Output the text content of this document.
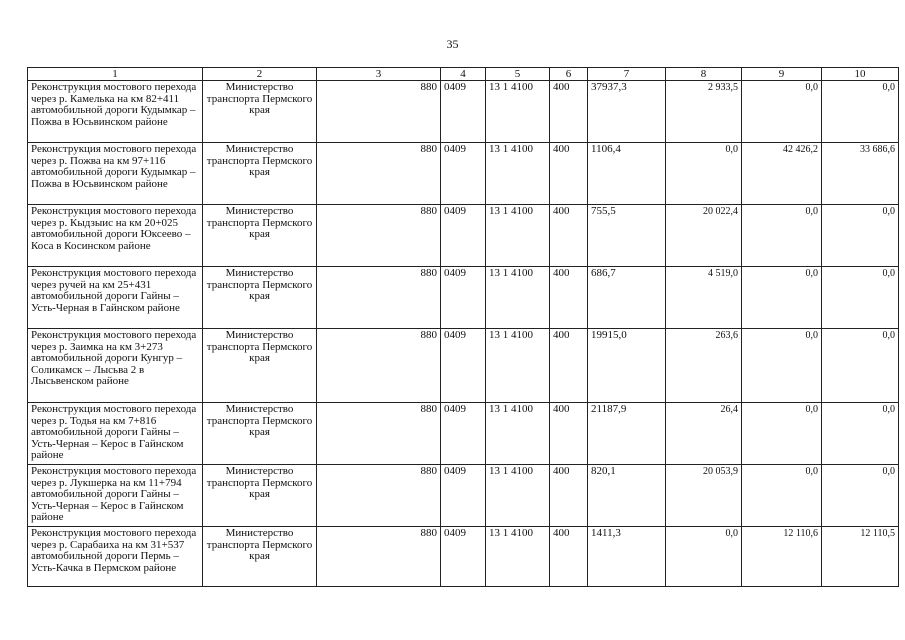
35
1	2	3	4	5	6	7	8	9	10
Реконструкция мостового перехода через р. Камелька на км 82+411 автомобильной дороги Кудымкар – Пожва в Юсьвинском районе	Министерство транспорта Пермского края	880	0409	13 1 4100	400	37937,3	2 933,5	0,0	0,0
Реконструкция мостового перехода через р. Пожва на км 97+116 автомобильной дороги Кудымкар – Пожва в Юсьвинском районе	Министерство транспорта Пермского края	880	0409	13 1 4100	400	1106,4	0,0	42 426,2	33 686,6
Реконструкция мостового перехода через р. Кыдзыис на км 20+025 автомобильной дороги Юксеево – Коса в Косинском районе	Министерство транспорта Пермского края	880	0409	13 1 4100	400	755,5	20 022,4	0,0	0,0
Реконструкция мостового перехода через ручей на км 25+431 автомобильной дороги Гайны – Усть-Черная в Гайнском районе	Министерство транспорта Пермского края	880	0409	13 1 4100	400	686,7	4 519,0	0,0	0,0
Реконструкция мостового перехода через р. Заимка на км 3+273 автомобильной дороги Кунгур – Соликамск – Лысьва 2 в Лысьвенском районе	Министерство транспорта Пермского края	880	0409	13 1 4100	400	19915,0	263,6	0,0	0,0
Реконструкция мостового перехода через р. Тодья на км 7+816 автомобильной дороги Гайны – Усть-Черная – Керос в Гайнском районе	Министерство транспорта Пермского края	880	0409	13 1 4100	400	21187,9	26,4	0,0	0,0
Реконструкция мостового перехода через р. Лукшерка на км 11+794 автомобильной дороги Гайны – Усть-Черная – Керос в Гайнском районе	Министерство транспорта Пермского края	880	0409	13 1 4100	400	820,1	20 053,9	0,0	0,0
Реконструкция мостового перехода через р. Сарабаиха на км 31+537 автомобильной дороги Пермь – Усть-Качка в Пермском районе	Министерство транспорта Пермского края	880	0409	13 1 4100	400	1411,3	0,0	12 110,6	12 110,5
